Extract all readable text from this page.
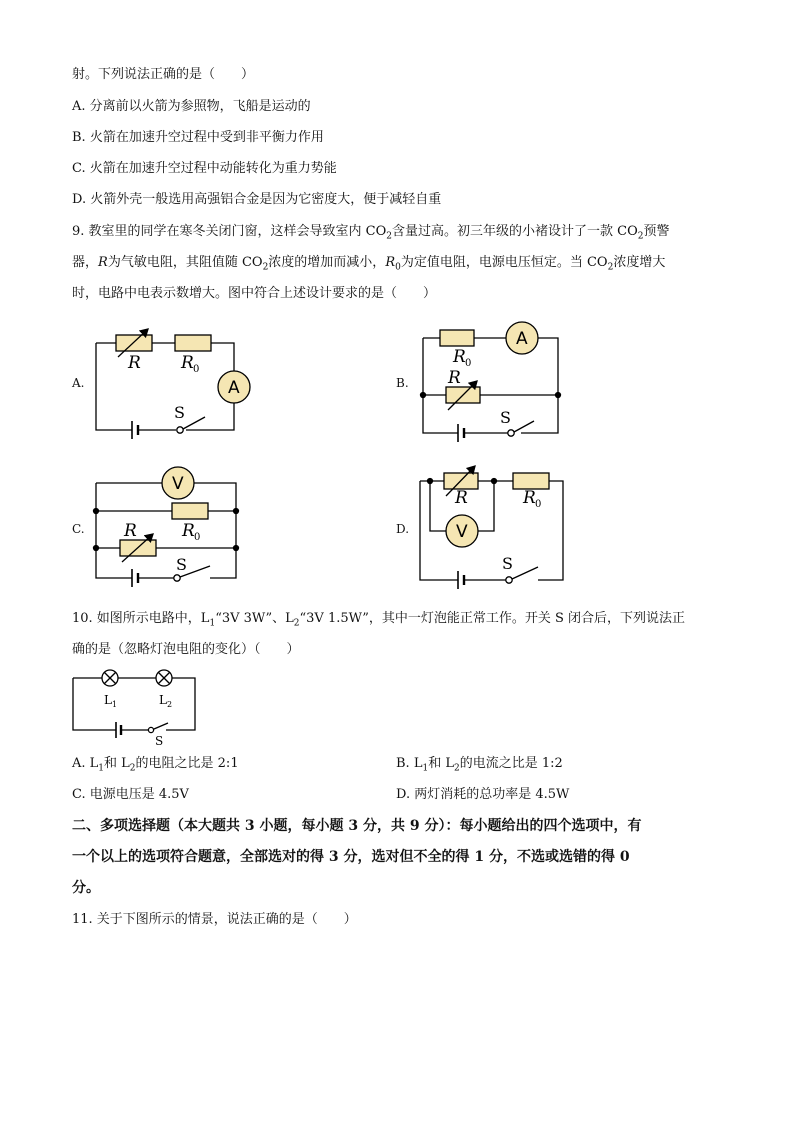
射。下列说法正确的是（　　）
A. 分离前以火箭为参照物，飞船是运动的
B. 火箭在加速升空过程中受到非平衡力作用
C. 火箭在加速升空过程中动能转化为重力势能
D. 火箭外壳一般选用高强铝合金是因为它密度大，便于减轻自重
9. 教室里的同学在寒冬关闭门窗，这样会导致室内 $CO_2$含量过高。初三年级的小褚设计了一款 $CO_2$预警
器，R为气敏电阻，其阻值随 $CO_2$浓度的增加而减小，$R_0$为定值电阻，电源电压恒定。当 $CO_2$浓度增大
时，电路中电表示数增大。图中符合上述设计要求的是（　　）
A.	B.
C.	D.
R R 0
A
S
R 0
A
R
S
V
R 0
R
S
R	R 0
V
S
L 1	L 2
S
10. 如图所示电路中，$L_1“3V$ 3W”、$L_2“3V$ 1.5W”，其中一灯泡能正常工作。开关 S 闭合后，下列说法正
确的是（忽略灯泡电阻的变化）（　　）
A. $L_1$和 $L_2$的电阻之比是 2:1	B. $L_1$和 $L_2$的电流之比是 1:2
C. 电源电压是 4.5V	D. 两灯消耗的总功率是 4.5W
二、多项选择题（本大题共 3 小题，每小题 3 分，共 9 分）：每小题给出的四个选项中，有
一个以上的选项符合题意，全部选对的得 3 分，选对但不全的得 1 分，不选或选错的得 0
分。
11. 关于下图所示的情景，说法正确的是（　　）
